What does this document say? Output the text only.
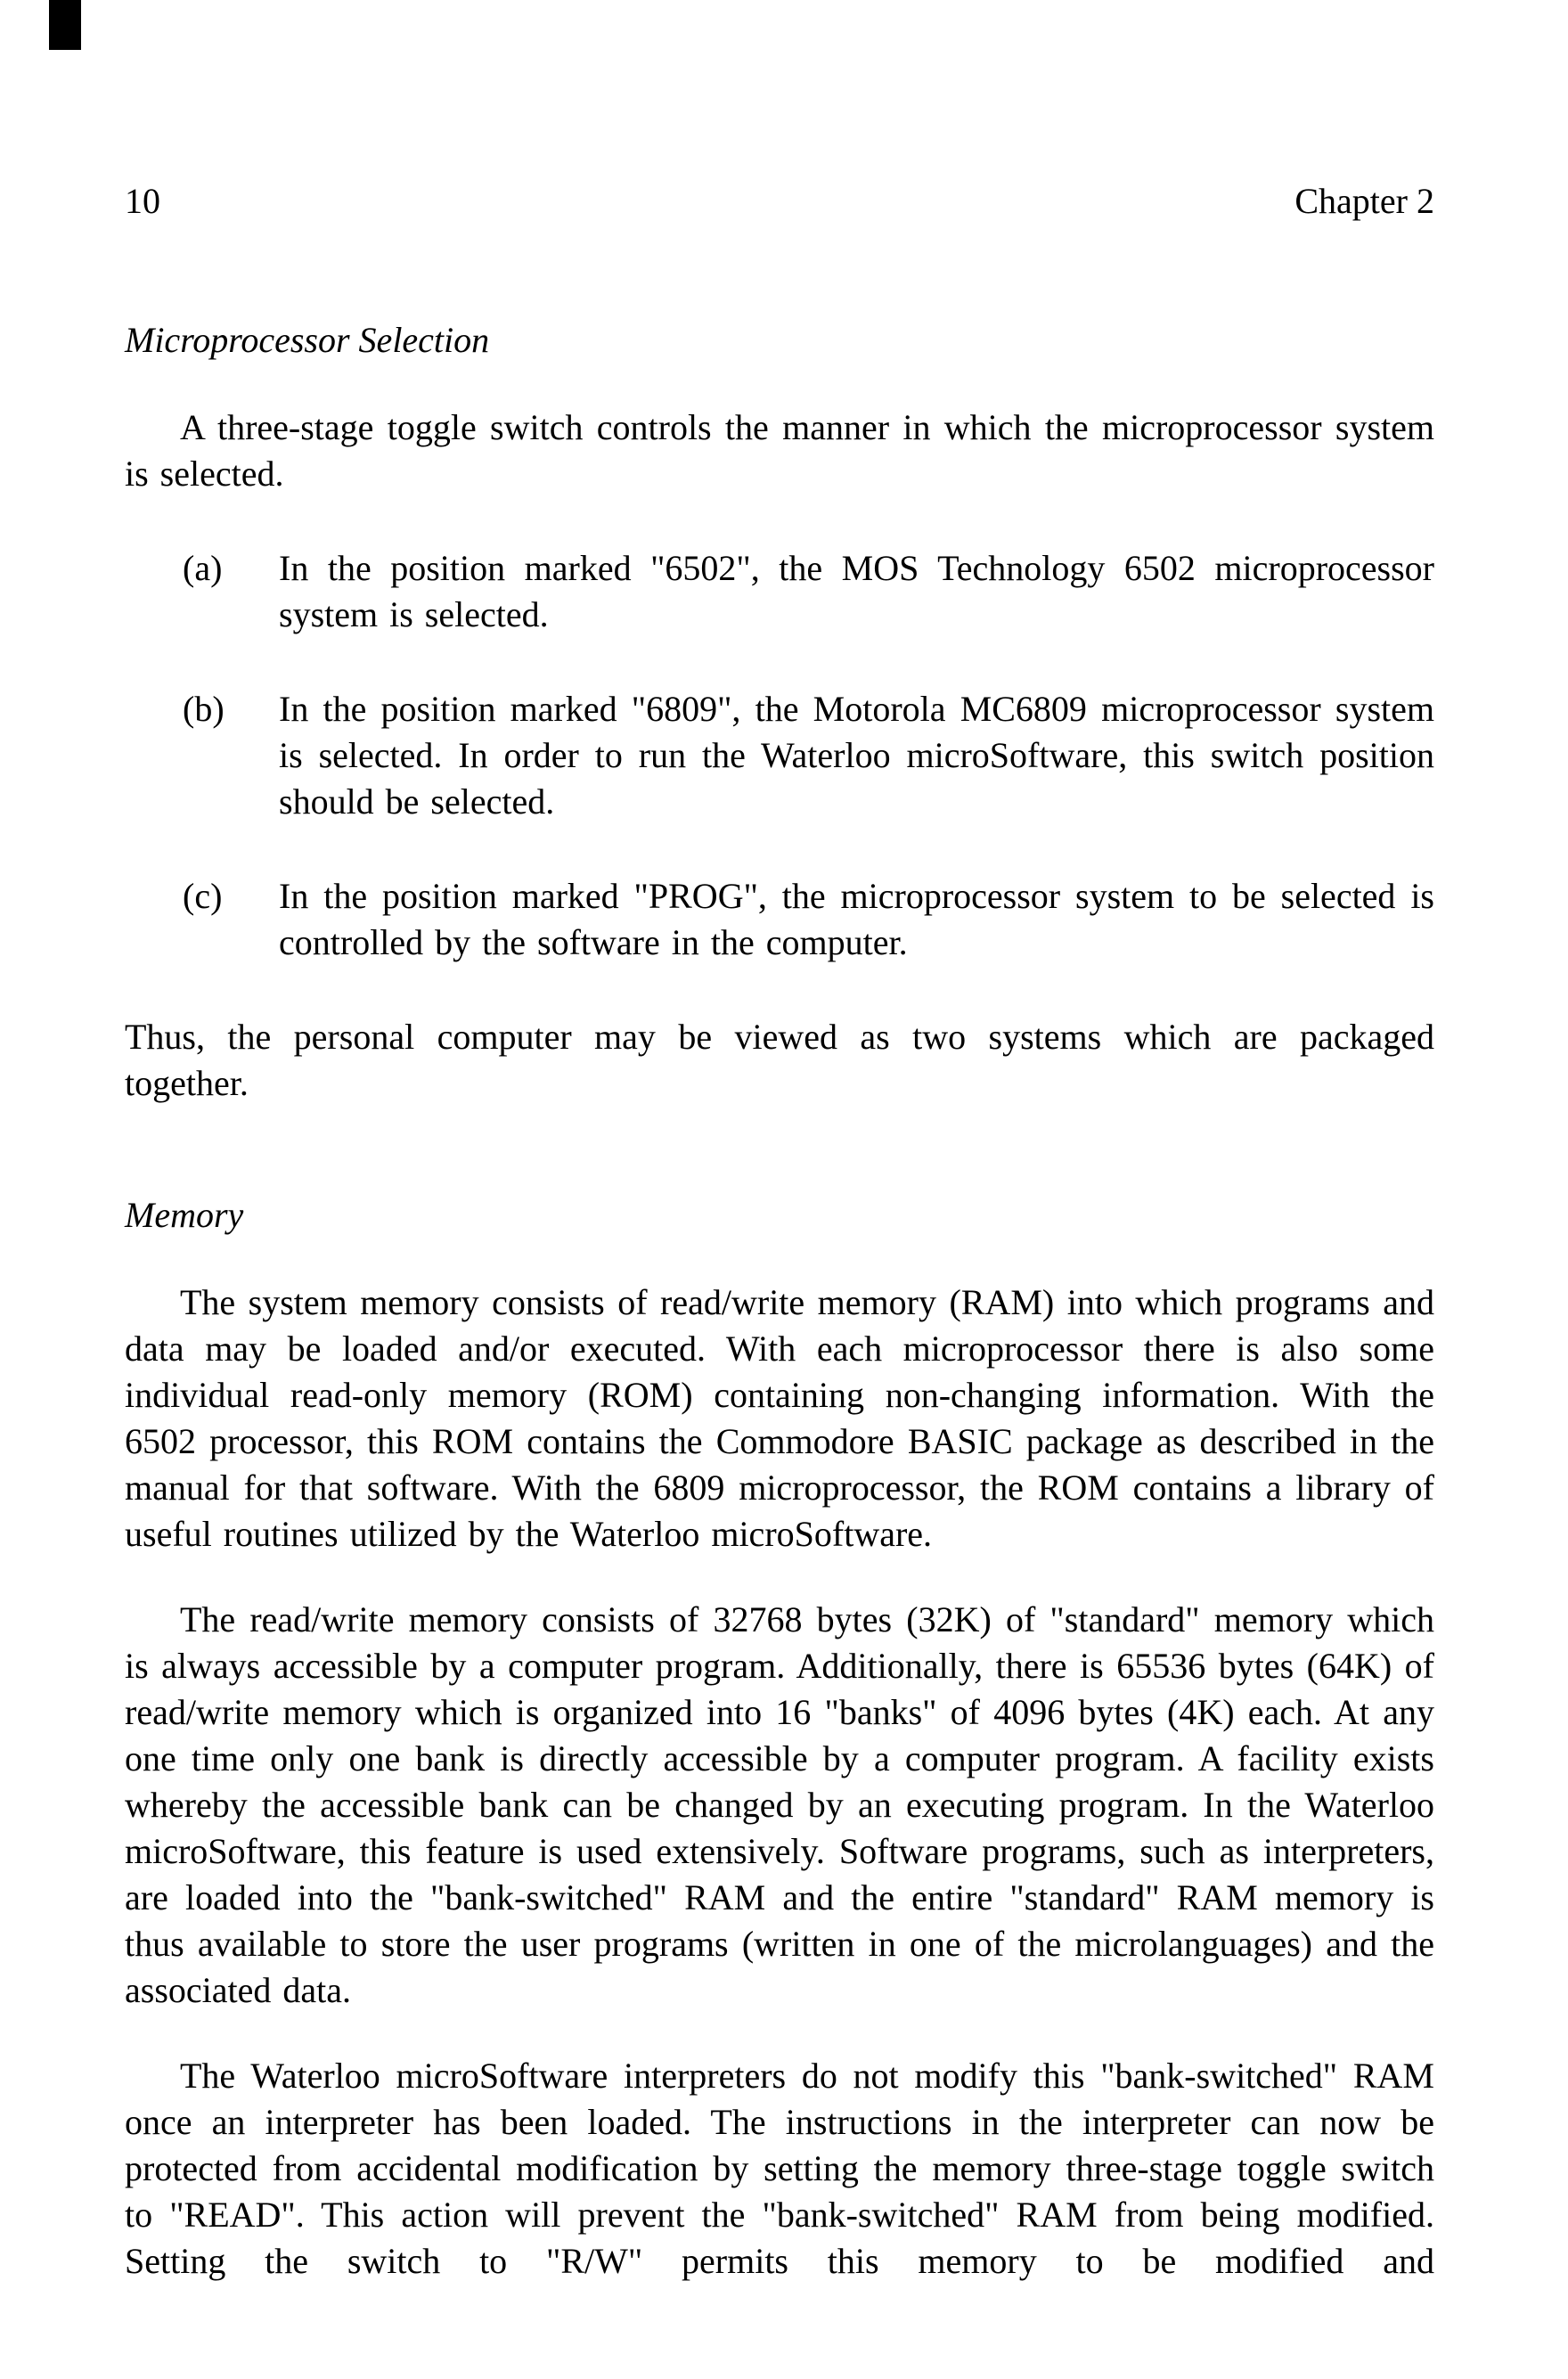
10	Chapter 2
Microprocessor Selection

A three-stage toggle switch controls the manner in which the microprocessor system is selected.

(a)	In the position marked "6502", the MOS Technology 6502 microprocessor system is selected.

(b)	In the position marked "6809", the Motorola MC6809 microprocessor system is selected. In order to run the Waterloo microSoftware, this switch position should be selected.

(c)	In the position marked "PROG", the microprocessor system to be selected is controlled by the software in the computer.

Thus, the personal computer may be viewed as two systems which are packaged together.

Memory

The system memory consists of read/write memory (RAM) into which programs and data may be loaded and/or executed. With each microprocessor there is also some individual read-only memory (ROM) containing non-changing information. With the 6502 processor, this ROM contains the Commodore BASIC package as described in the manual for that software. With the 6809 microprocessor, the ROM contains a library of useful routines utilized by the Waterloo microSoftware.

The read/write memory consists of 32768 bytes (32K) of "standard" memory which is always accessible by a computer program. Additionally, there is 65536 bytes (64K) of read/write memory which is organized into 16 "banks" of 4096 bytes (4K) each. At any one time only one bank is directly accessible by a computer program. A facility exists whereby the accessible bank can be changed by an executing program. In the Waterloo microSoftware, this feature is used extensively. Software programs, such as interpreters, are loaded into the "bank-switched" RAM and the entire "standard" RAM memory is thus available to store the user programs (written in one of the microlanguages) and the associated data.

The Waterloo microSoftware interpreters do not modify this "bank-switched" RAM once an interpreter has been loaded. The instructions in the interpreter can now be protected from accidental modification by setting the memory three-stage toggle switch to "READ". This action will prevent the "bank-switched" RAM from being modified. Setting the switch to "R/W" permits this memory to be modified and
